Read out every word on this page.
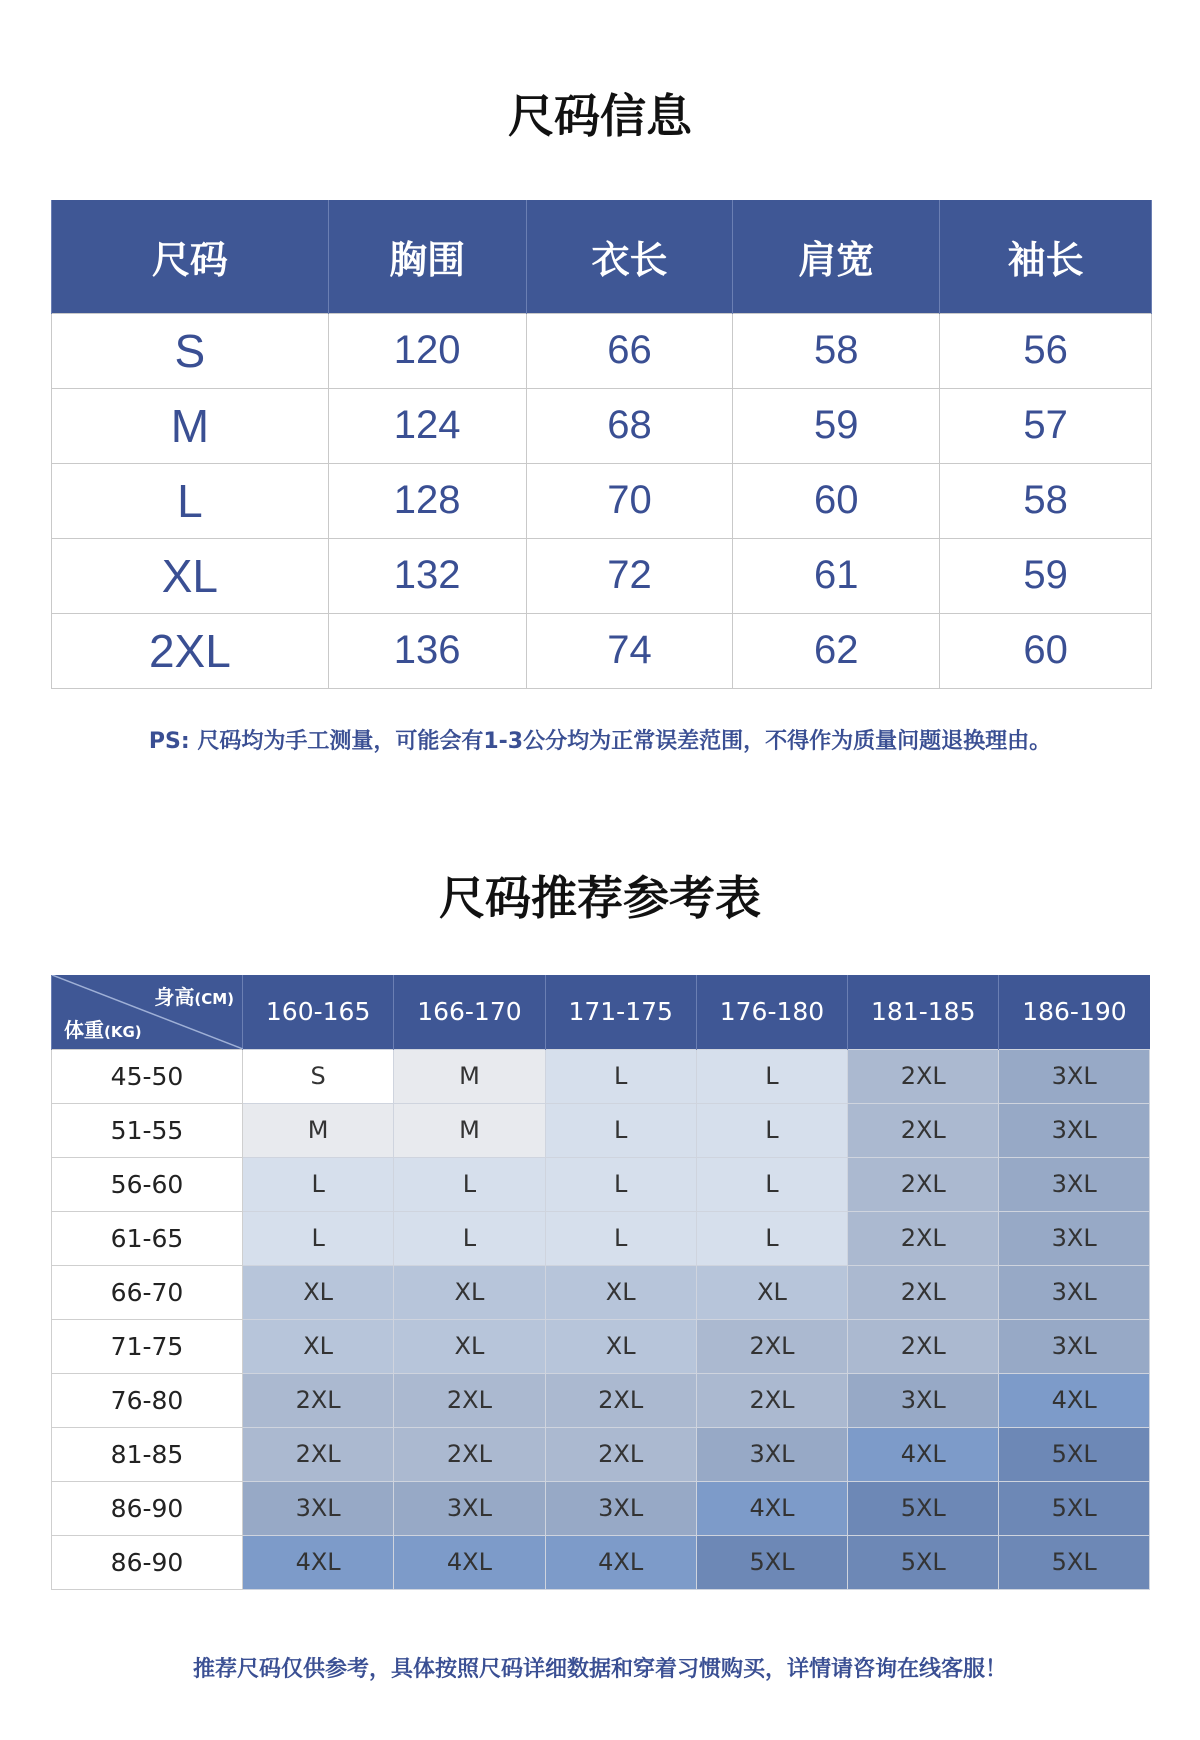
尺码信息
尺码	胸围	衣长	肩宽	袖长
S	120	66	58	56
M	124	68	59	57
L	128	70	60	58
XL	132	72	61	59
2XL	136	74	62	60
PS: 尺码均为手工测量，可能会有1-3公分均为正常误差范围，不得作为质量问题退换理由。
尺码推荐参考表
身高(CM)
体重(KG)	160-165	166-170	171-175	176-180	181-185	186-190
45-50	S	M	L	L	2XL	3XL
51-55	M	M	L	L	2XL	3XL
56-60	L	L	L	L	2XL	3XL
61-65	L	L	L	L	2XL	3XL
66-70	XL	XL	XL	XL	2XL	3XL
71-75	XL	XL	XL	2XL	2XL	3XL
76-80	2XL	2XL	2XL	2XL	3XL	4XL
81-85	2XL	2XL	2XL	3XL	4XL	5XL
86-90	3XL	3XL	3XL	4XL	5XL	5XL
86-90	4XL	4XL	4XL	5XL	5XL	5XL
推荐尺码仅供参考，具体按照尺码详细数据和穿着习惯购买，详情请咨询在线客服！
